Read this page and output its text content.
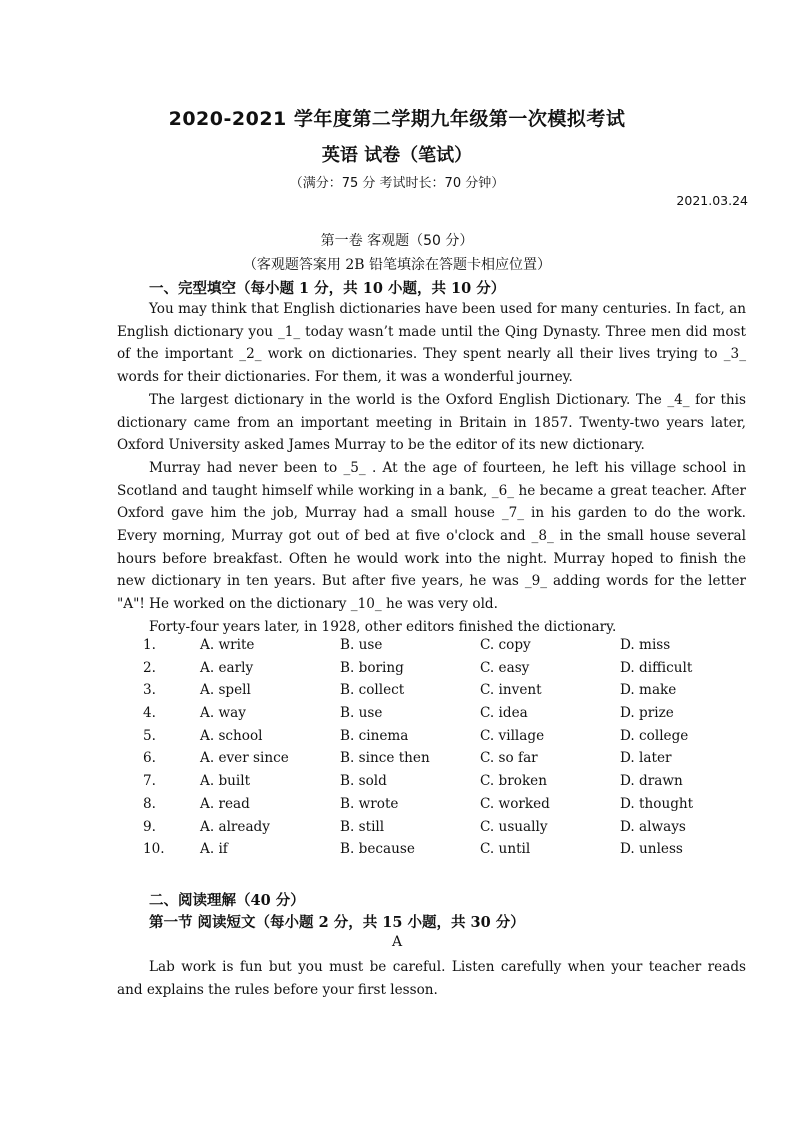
2020-2021 学年度第二学期九年级第一次模拟考试
英语 试卷（笔试）
（满分：75 分 考试时长：70 分钟）
2021.03.24
第一卷 客观题（50 分）
（客观题答案用 2B 铅笔填涂在答题卡相应位置）
一、完型填空（每小题 1 分，共 10 小题，共 10 分）

You may think that English dictionaries have been used for many centuries. In fact, an English dictionary you _1_ today wasn’t made until the Qing Dynasty. Three men did most of the important _2_ work on dictionaries. They spent nearly all their lives trying to _3_ words for their dictionaries. For them, it was a wonderful journey.

The largest dictionary in the world is the Oxford English Dictionary. The _4_ for this dictionary came from an important meeting in Britain in 1857. Twenty-two years later, Oxford University asked James Murray to be the editor of its new dictionary.

Murray had never been to _5_ . At the age of fourteen, he left his village school in Scotland and taught himself while working in a bank, _6_ he became a great teacher. After Oxford gave him the job, Murray had a small house _7_ in his garden to do the work. Every morning, Murray got out of bed at five o'clock and _8_ in the small house several hours before breakfast. Often he would work into the night. Murray hoped to finish the new dictionary in ten years. But after five years, he was _9_ adding words for the letter "A"! He worked on the dictionary _10_ he was very old.

Forty-four years later, in 1928, other editors finished the dictionary.

1.	A. write	B. use	C. copy	D. miss
2.	A. early	B. boring	C. easy	D. difficult
3.	A. spell	B. collect	C. invent	D. make
4.	A. way	B. use	C. idea	D. prize
5.	A. school	B. cinema	C. village	D. college
6.	A. ever since	B. since then	C. so far	D. later
7.	A. built	B. sold	C. broken	D. drawn
8.	A. read	B. wrote	C. worked	D. thought
9.	A. already	B. still	C. usually	D. always
10.	A. if	B. because	C. until	D. unless
二、阅读理解（40 分）
第一节 阅读短文（每小题 2 分，共 15 小题，共 30 分）
A

Lab work is fun but you must be careful. Listen carefully when your teacher reads and explains the rules before your first lesson.
